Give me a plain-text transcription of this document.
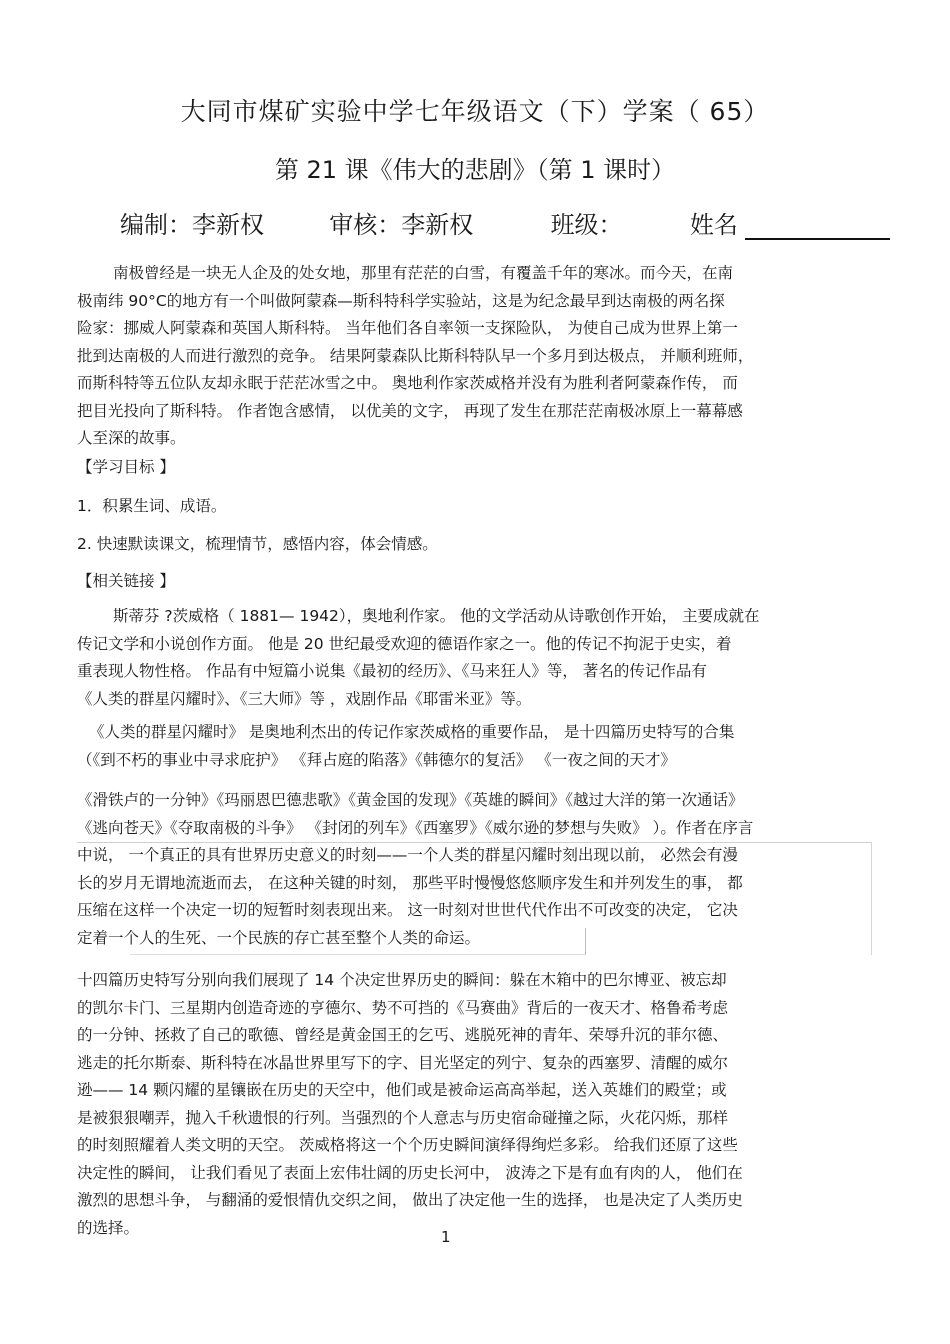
大同市煤矿实验中学七年级语文（下）学案（ 65）
第 21 课《伟大的悲剧》（第 1 课时）
编制：李新权	审核：李新权	班级：	姓名
南极曾经是一块无人企及的处女地，那里有茫茫的白雪，有覆盖千年的寒冰。而今天，在南
极南纬 90°C的地方有一个叫做阿蒙森—斯科特科学实验站，这是为纪念最早到达南极的两名探
险家：挪威人阿蒙森和英国人斯科特。 当年他们各自率领一支探险队， 为使自己成为世界上第一
批到达南极的人而进行激烈的竞争。 结果阿蒙森队比斯科特队早一个多月到达极点， 并顺利班师，
而斯科特等五位队友却永眠于茫茫冰雪之中。 奥地利作家茨威格并没有为胜利者阿蒙森作传， 而
把目光投向了斯科特。 作者饱含感情， 以优美的文字， 再现了发生在那茫茫南极冰原上一幕幕感
人至深的故事。
【学习目标 】
1．积累生词、成语。
2. 快速默读课文，梳理情节，感悟内容，体会情感。
【相关链接 】
斯蒂芬 ?茨威格（ 1881— 1942），奥地利作家。 他的文学活动从诗歌创作开始， 主要成就在
传记文学和小说创作方面。 他是 20 世纪最受欢迎的德语作家之一。他的传记不拘泥于史实，着
重表现人物性格。 作品有中短篇小说集《最初的经历》、《马来狂人》等， 著名的传记作品有
《人类的群星闪耀时》、《三大师》等 ，戏剧作品《耶雷米亚》等。
《人类的群星闪耀时》 是奥地利杰出的传记作家茨威格的重要作品， 是十四篇历史特写的合集
（《到不朽的事业中寻求庇护》 《拜占庭的陷落》《韩德尔的复活》 《一夜之间的天才》
《滑铁卢的一分钟》《玛丽恩巴德悲歌》《黄金国的发现》《英雄的瞬间》《越过大洋的第一次通话》
《逃向苍天》《夺取南极的斗争》 《封闭的列车》《西塞罗》《威尔逊的梦想与失败》 ）。作者在序言
中说， 一个真正的具有世界历史意义的时刻——一个人类的群星闪耀时刻出现以前， 必然会有漫
长的岁月无谓地流逝而去， 在这种关键的时刻， 那些平时慢慢悠悠顺序发生和并列发生的事， 都
压缩在这样一个决定一切的短暂时刻表现出来。 这一时刻对世世代代作出不可改变的决定， 它决
定着一个人的生死、一个民族的存亡甚至整个人类的命运。
十四篇历史特写分别向我们展现了 14 个决定世界历史的瞬间：躲在木箱中的巴尔博亚、被忘却
的凯尔卡门、三星期内创造奇迹的亨德尔、势不可挡的《马赛曲》背后的一夜天才、格鲁希考虑
的一分钟、拯救了自己的歌德、曾经是黄金国王的乞丐、逃脱死神的青年、荣辱升沉的菲尔德、
逃走的托尔斯泰、斯科特在冰晶世界里写下的字、目光坚定的列宁、复杂的西塞罗、清醒的威尔
逊—— 14 颗闪耀的星镶嵌在历史的天空中，他们或是被命运高高举起，送入英雄们的殿堂；或
是被狠狠嘲弄，抛入千秋遗恨的行列。当强烈的个人意志与历史宿命碰撞之际，火花闪烁，那样
的时刻照耀着人类文明的天空。 茨威格将这一个个历史瞬间演绎得绚烂多彩。 给我们还原了这些
决定性的瞬间， 让我们看见了表面上宏伟壮阔的历史长河中， 波涛之下是有血有肉的人， 他们在
激烈的思想斗争， 与翻涌的爱恨情仇交织之间， 做出了决定他一生的选择， 也是决定了人类历史
的选择。
1
